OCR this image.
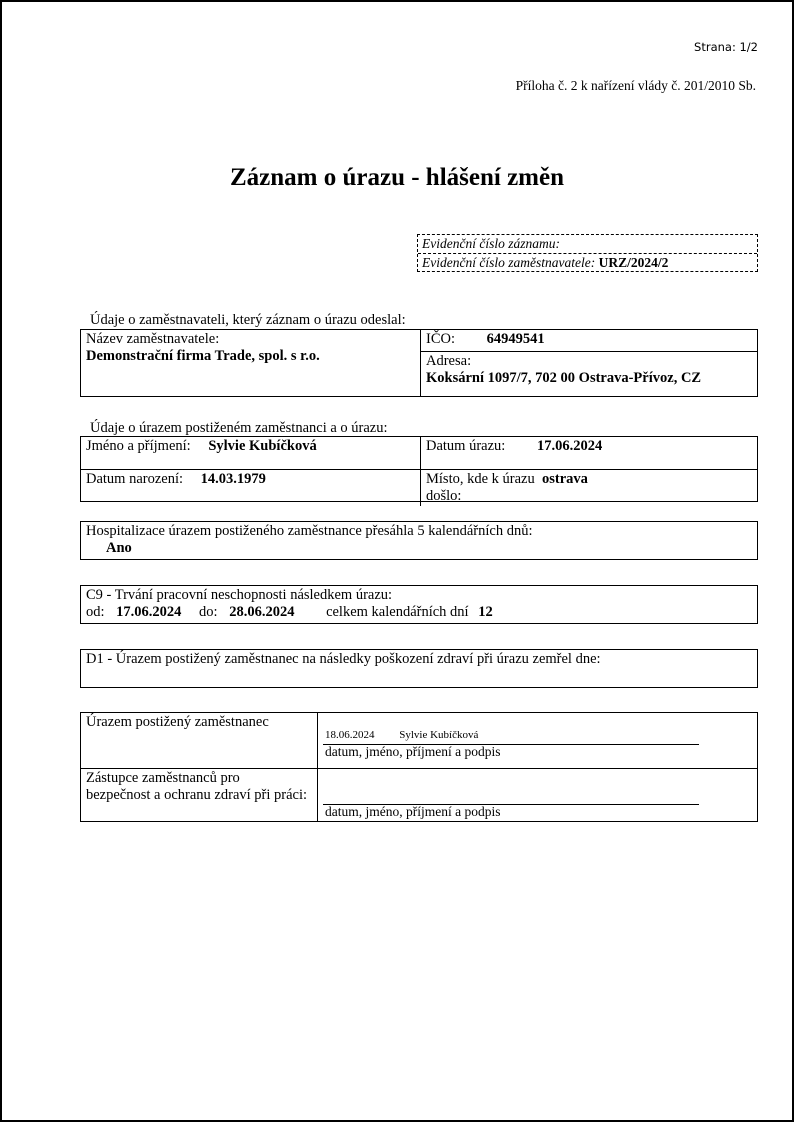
Strana: 1/2
Příloha č. 2 k nařízení vlády č. 201/2010 Sb.
Záznam o úrazu - hlášení změn
Evidenční číslo záznamu:
Evidenční číslo zaměstnavatele: URZ/2024/2
Údaje o zaměstnavateli, který záznam o úrazu odeslal:
Název zaměstnavatele:
Demonstrační firma Trade, spol. s r.o.
IČO: 64949541
Adresa:
Koksární 1097/7, 702 00 Ostrava-Přívoz, CZ
Údaje o úrazem postiženém zaměstnanci a o úrazu:
Jméno a příjmení: Sylvie Kubíčková	Datum úrazu: 17.06.2024
Datum narození: 14.03.1979	Místo, kde k úrazu došlo:
ostrava
Hospitalizace úrazem postiženého zaměstnance přesáhla 5 kalendářních dnů:
Ano
C9 - Trvání pracovní neschopnosti následkem úrazu:
od: 17.06.2024 do: 28.06.2024 celkem kalendářních dní 12
D1 - Úrazem postižený zaměstnanec na následky poškození zdraví při úrazu zemřel dne:
Úrazem postižený zaměstnanec
18.06.2024 Sylvie Kubíčková
datum, jméno, příjmení a podpis
Zástupce zaměstnanců pro
bezpečnost a ochranu zdraví při práci:
datum, jméno, příjmení a podpis
